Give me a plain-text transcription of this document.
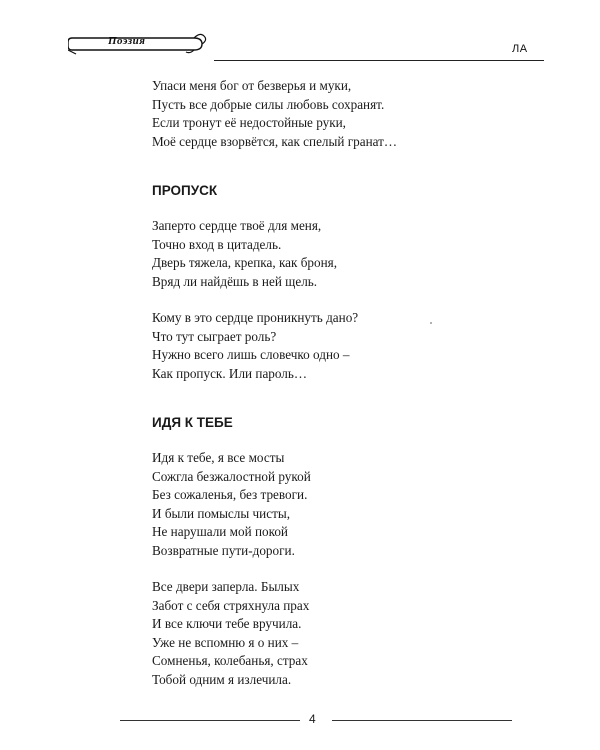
Поэзия
ЛА
Упаси меня бог от безверья и муки,
Пусть все добрые силы любовь сохранят.
Если тронут её недостойные руки,
Моё сердце взорвётся, как спелый гранат…
ПРОПУСК
Заперто сердце твоё для меня,
Точно вход в цитадель.
Дверь тяжела, крепка, как броня,
Вряд ли найдёшь в ней щель.
Кому в это сердце проникнуть дано?
Что тут сыграет роль?
Нужно всего лишь словечко одно –
Как пропуск. Или пароль…
ИДЯ К ТЕБЕ
Идя к тебе, я все мосты
Сожгла безжалостной рукой
Без сожаленья, без тревоги.
И были помыслы чисты,
Не нарушали мой покой
Возвратные пути-дороги.
Все двери заперла. Былых
Забот с себя стряхнула прах
И все ключи тебе вручила.
Уже не вспомню я о них –
Сомненья, колебанья, страх
Тобой одним я излечила.
4
